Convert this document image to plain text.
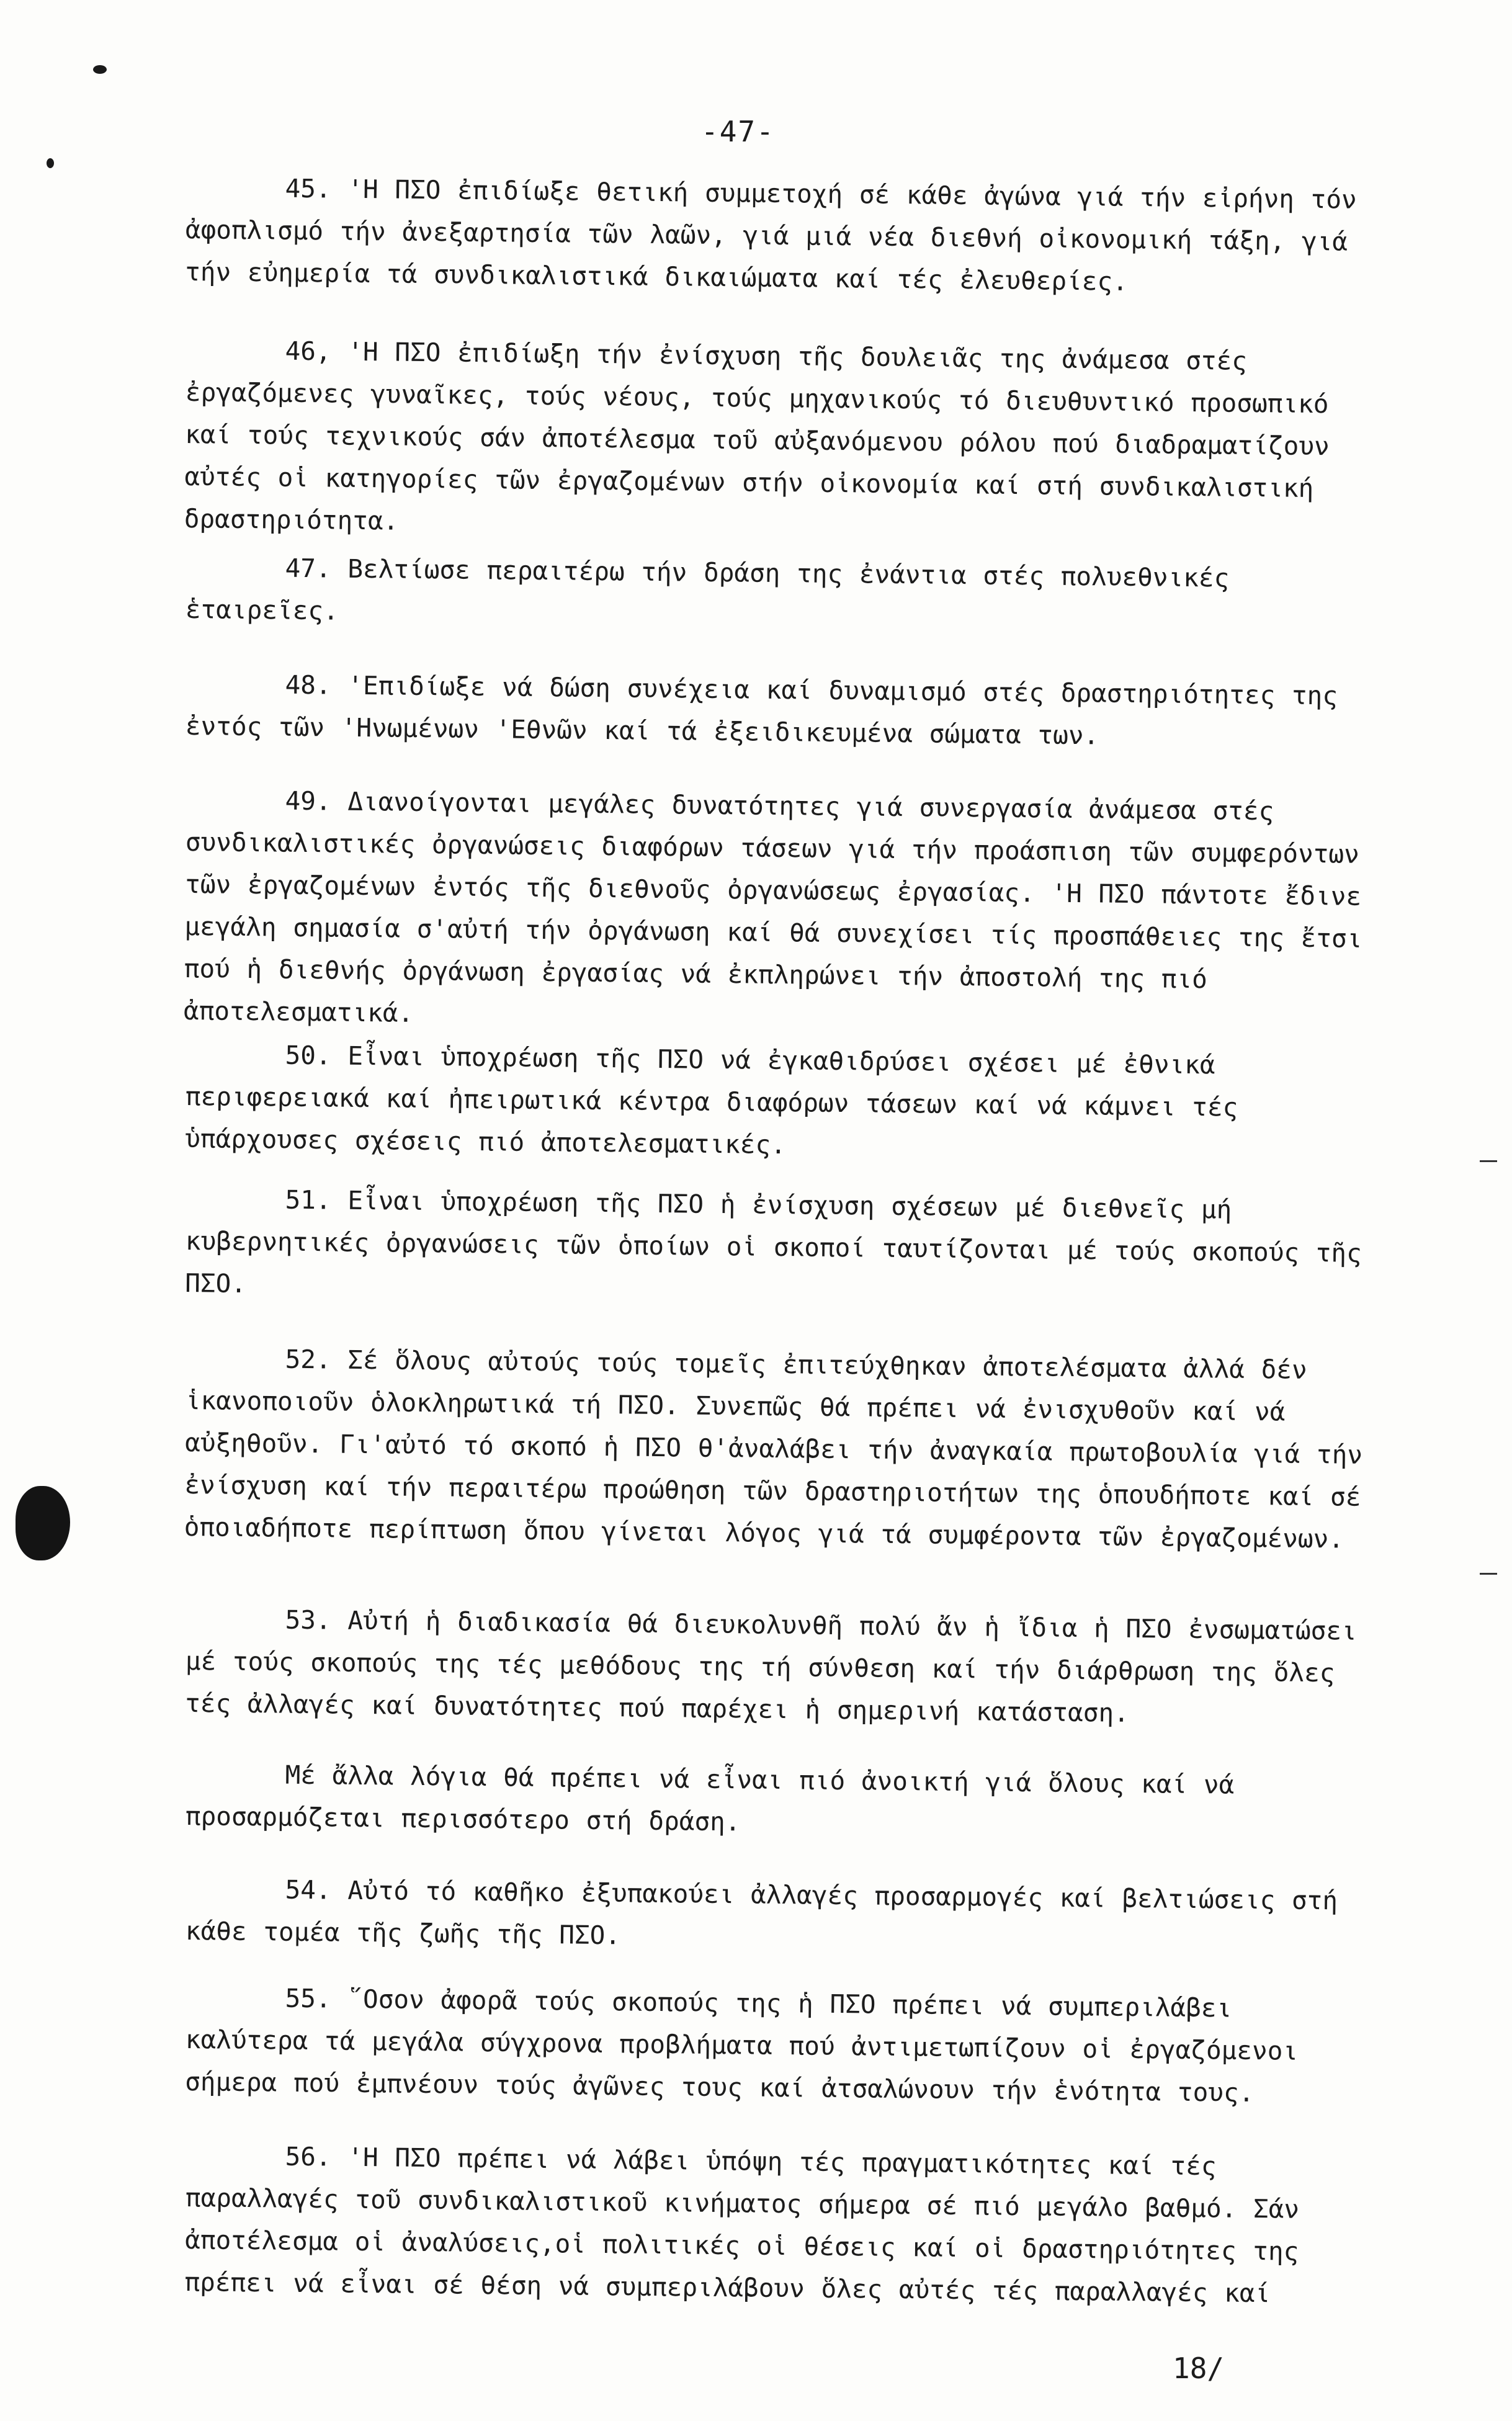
-47-

45. 'Η ΠΣΟ ἐπιδίωξε θετική συμμετοχή σέ κάθε ἀγώνα γιά τήν εἰρήνη τόν ἀφοπλισμό τήν ἀνεξαρτησία τῶν λαῶν, γιά μιά νέα διεθνή οἰκονομική τάξη, γιά τήν εὐημερία τά συνδικαλιστικά δικαιώματα καί τές ἐλευθερίες.

46, 'Η ΠΣΟ ἐπιδίωξη τήν ἐνίσχυση τῆς δουλειᾶς της ἀνάμεσα στές ἐργαζόμενες γυναῖκες, τούς νέους, τούς μηχανικούς τό διευθυντικό προσωπικό καί τούς τεχνικούς σάν ἀποτέλεσμα τοῦ αὐξανόμενου ρόλου πού διαδραματίζουν αὐτές οἱ κατηγορίες τῶν ἐργαζομένων στήν οἰκονομία καί στή συνδικαλιστική δραστηριότητα.

47. Βελτίωσε περαιτέρω τήν δράση της ἐνάντια στές πολυεθνικές ἑταιρεῖες.

48. 'Επιδίωξε νά δώση συνέχεια καί δυναμισμό στές δραστηριότητες της ἐντός τῶν 'Ηνωμένων 'Εθνῶν καί τά ἐξειδικευμένα σώματα των.

49. Διανοίγονται μεγάλες δυνατότητες γιά συνεργασία ἀνάμεσα στές συνδικαλιστικές ὀργανώσεις διαφόρων τάσεων γιά τήν προάσπιση τῶν συμφερόντων τῶν ἐργαζομένων ἐντός τῆς διεθνοῦς ὀργανώσεως ἐργασίας. 'Η ΠΣΟ πάντοτε ἔδινε μεγάλη σημασία σ'αὐτή τήν ὀργάνωση καί θά συνεχίσει τίς προσπάθειες της ἔτσι πού ἡ διεθνής ὀργάνωση ἐργασίας νά ἐκπληρώνει τήν ἀποστολή της πιό ἀποτελεσματικά.

50. Εἶναι ὑποχρέωση τῆς ΠΣΟ νά ἐγκαθιδρύσει σχέσει μέ ἐθνικά περιφερειακά καί ἠπειρωτικά κέντρα διαφόρων τάσεων καί νά κάμνει τές ὑπάρχουσες σχέσεις πιό ἀποτελεσματικές.

51. Εἶναι ὑποχρέωση τῆς ΠΣΟ ἡ ἐνίσχυση σχέσεων μέ διεθνεῖς μή κυβερνητικές ὀργανώσεις τῶν ὁποίων οἱ σκοποί ταυτίζονται μέ τούς σκοπούς τῆς ΠΣΟ.

52. Σέ ὅλους αὐτούς τούς τομεῖς ἐπιτεύχθηκαν ἀποτελέσματα ἀλλά δέν ἱκανοποιοῦν ὁλοκληρωτικά τή ΠΣΟ. Συνεπῶς θά πρέπει νά ἐνισχυθοῦν καί νά αὐξηθοῦν. Γι'αὐτό τό σκοπό ἡ ΠΣΟ θ'ἀναλάβει τήν ἀναγκαία πρωτοβουλία γιά τήν ἐνίσχυση καί τήν περαιτέρω προώθηση τῶν δραστηριοτήτων της ὁπουδήποτε καί σέ ὁποιαδήποτε περίπτωση ὅπου γίνεται λόγος γιά τά συμφέροντα τῶν ἐργαζομένων.

53. Αὐτή ἡ διαδικασία θά διευκολυνθῆ πολύ ἄν ἡ ἴδια ἡ ΠΣΟ ἐνσωματώσει μέ τούς σκοπούς της τές μεθόδους της τή σύνθεση καί τήν διάρθρωση της ὅλες τές ἀλλαγές καί δυνατότητες πού παρέχει ἡ σημερινή κατάσταση.

Μέ ἄλλα λόγια θά πρέπει νά εἶναι πιό ἀνοικτή γιά ὅλους καί νά προσαρμόζεται περισσότερο στή δράση.

54. Αὐτό τό καθῆκο ἐξυπακούει ἀλλαγές προσαρμογές καί βελτιώσεις στή κάθε τομέα τῆς ζωῆς τῆς ΠΣΟ.

55. ῞Οσον ἀφορᾶ τούς σκοπούς της ἡ ΠΣΟ πρέπει νά συμπεριλάβει καλύτερα τά μεγάλα σύγχρονα προβλήματα πού ἀντιμετωπίζουν οἱ ἐργαζόμενοι σήμερα πού ἐμπνέουν τούς ἀγῶνες τους καί ἀτσαλώνουν τήν ἑνότητα τους.

56. 'Η ΠΣΟ πρέπει νά λάβει ὑπόψη τές πραγματικότητες καί τές παραλλαγές τοῦ συνδικαλιστικοῦ κινήματος σήμερα σέ πιό μεγάλο βαθμό. Σάν ἀποτέλεσμα οἱ ἀναλύσεις,οἱ πολιτικές οἱ θέσεις καί οἱ δραστηριότητες της πρέπει νά εἶναι σέ θέση νά συμπεριλάβουν ὅλες αὐτές τές παραλλαγές καί

18/
